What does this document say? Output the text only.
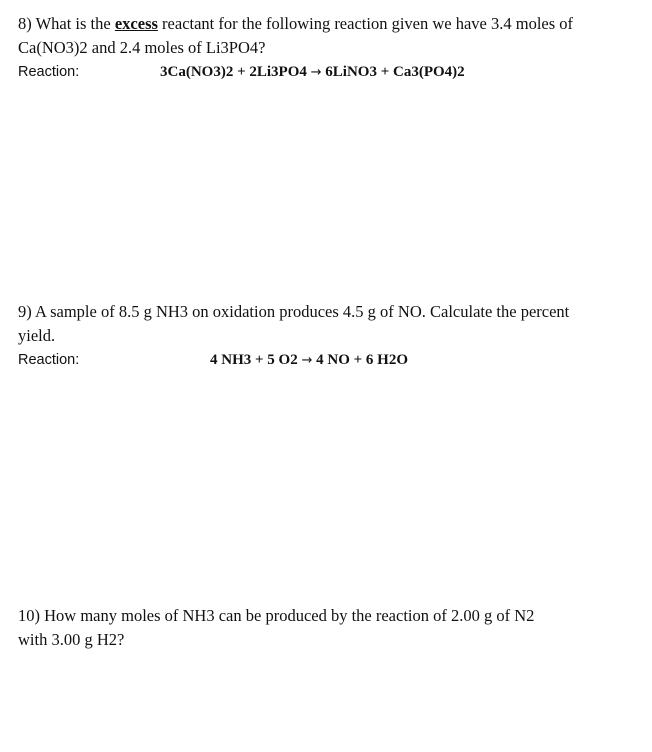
8) What is the excess reactant for the following reaction given we have 3.4 moles of
Ca(NO3)2 and 2.4 moles of Li3PO4?
Reaction:	3Ca(NO3)2 + 2Li3PO4 → 6LiNO3 + Ca3(PO4)2
9) A sample of 8.5 g NH3 on oxidation produces 4.5 g of NO. Calculate the percent
yield.
Reaction:	4 NH3 + 5 O2 → 4 NO + 6 H2O
10) How many moles of NH3 can be produced by the reaction of 2.00 g of N2
with 3.00 g H2?
